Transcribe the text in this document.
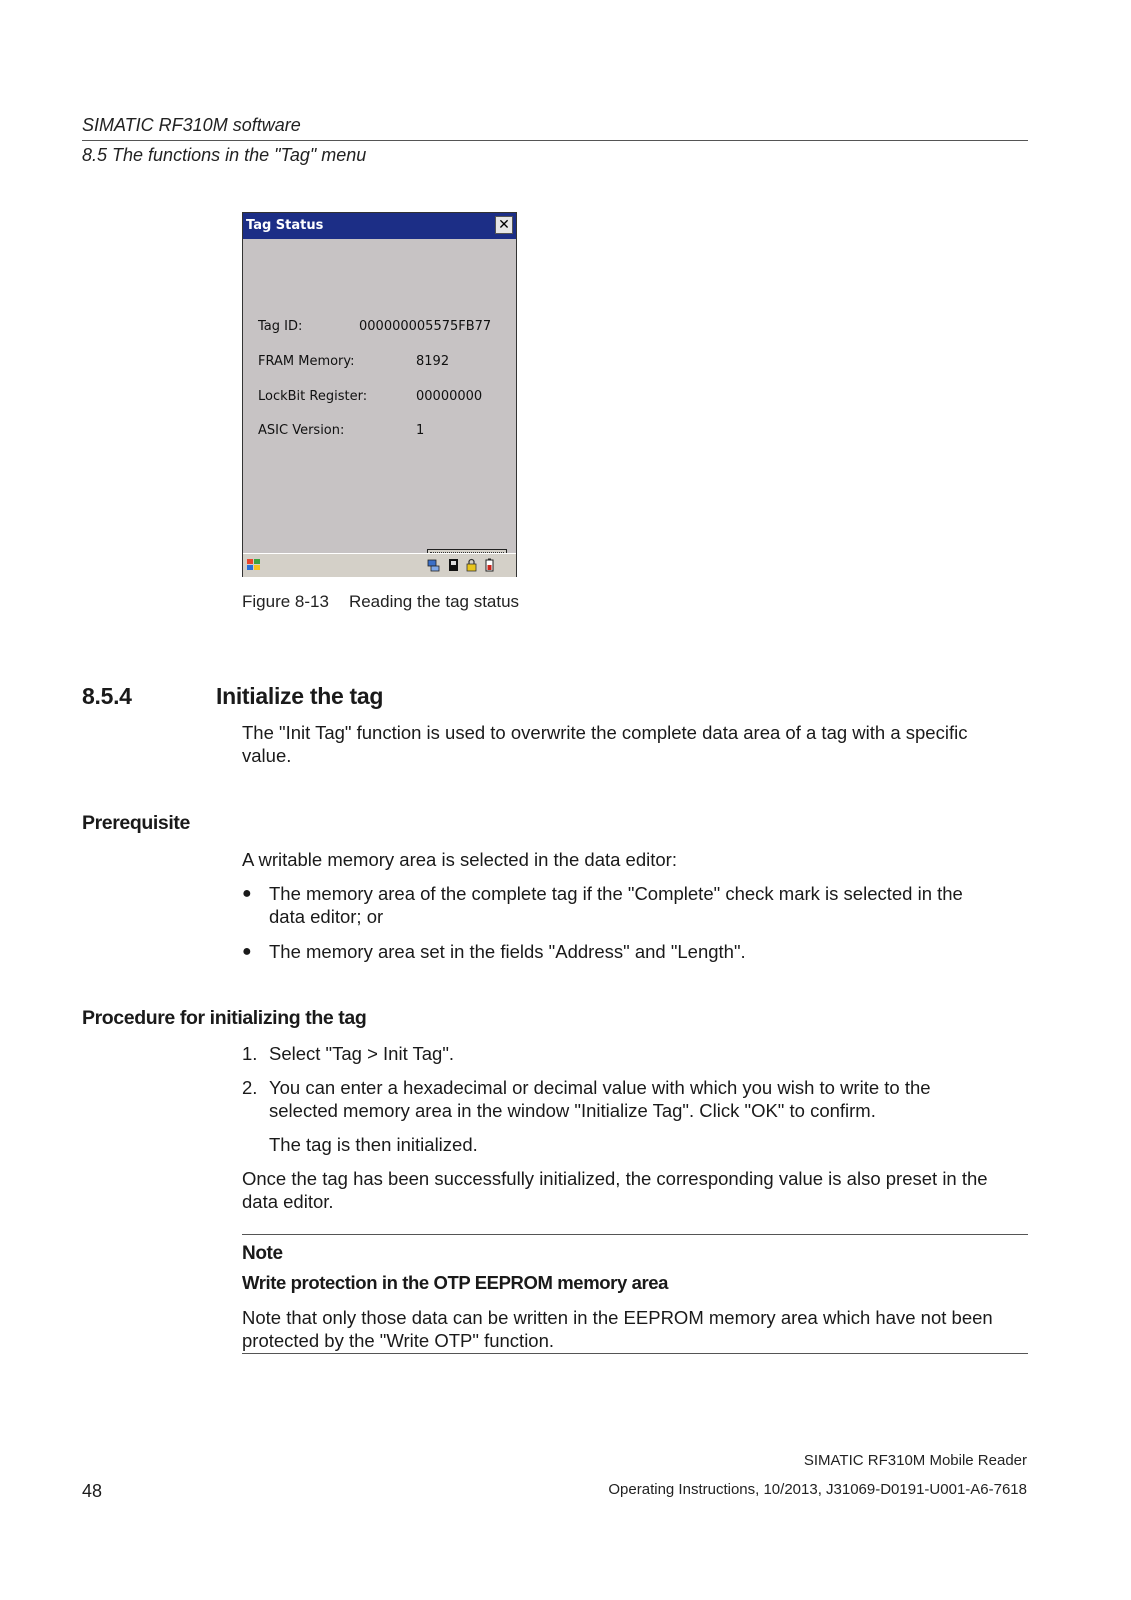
SIMATIC RF310M software
8.5 The functions in the "Tag" menu
Tag Status	✕
Tag ID:	000000005575FB77
FRAM Memory:	8192
LockBit Register:	00000000
ASIC Version:	1
Figure 8-13 Reading the tag status
8.5.4	Initialize the tag
The "Init Tag" function is used to overwrite the complete data area of a tag with a specific
value.
Prerequisite
A writable memory area is selected in the data editor:
● The memory area of the complete tag if the "Complete" check mark is selected in the
data editor; or
● The memory area set in the fields "Address" and "Length".
Procedure for initializing the tag
1. Select "Tag > Init Tag".
2. You can enter a hexadecimal or decimal value with which you wish to write to the
selected memory area in the window "Initialize Tag". Click "OK" to confirm.
The tag is then initialized.
Once the tag has been successfully initialized, the corresponding value is also preset in the
data editor.
Note
Write protection in the OTP EEPROM memory area
Note that only those data can be written in the EEPROM memory area which have not been
protected by the "Write OTP" function.
SIMATIC RF310M Mobile Reader
48	Operating Instructions, 10/2013, J31069-D0191-U001-A6-7618
